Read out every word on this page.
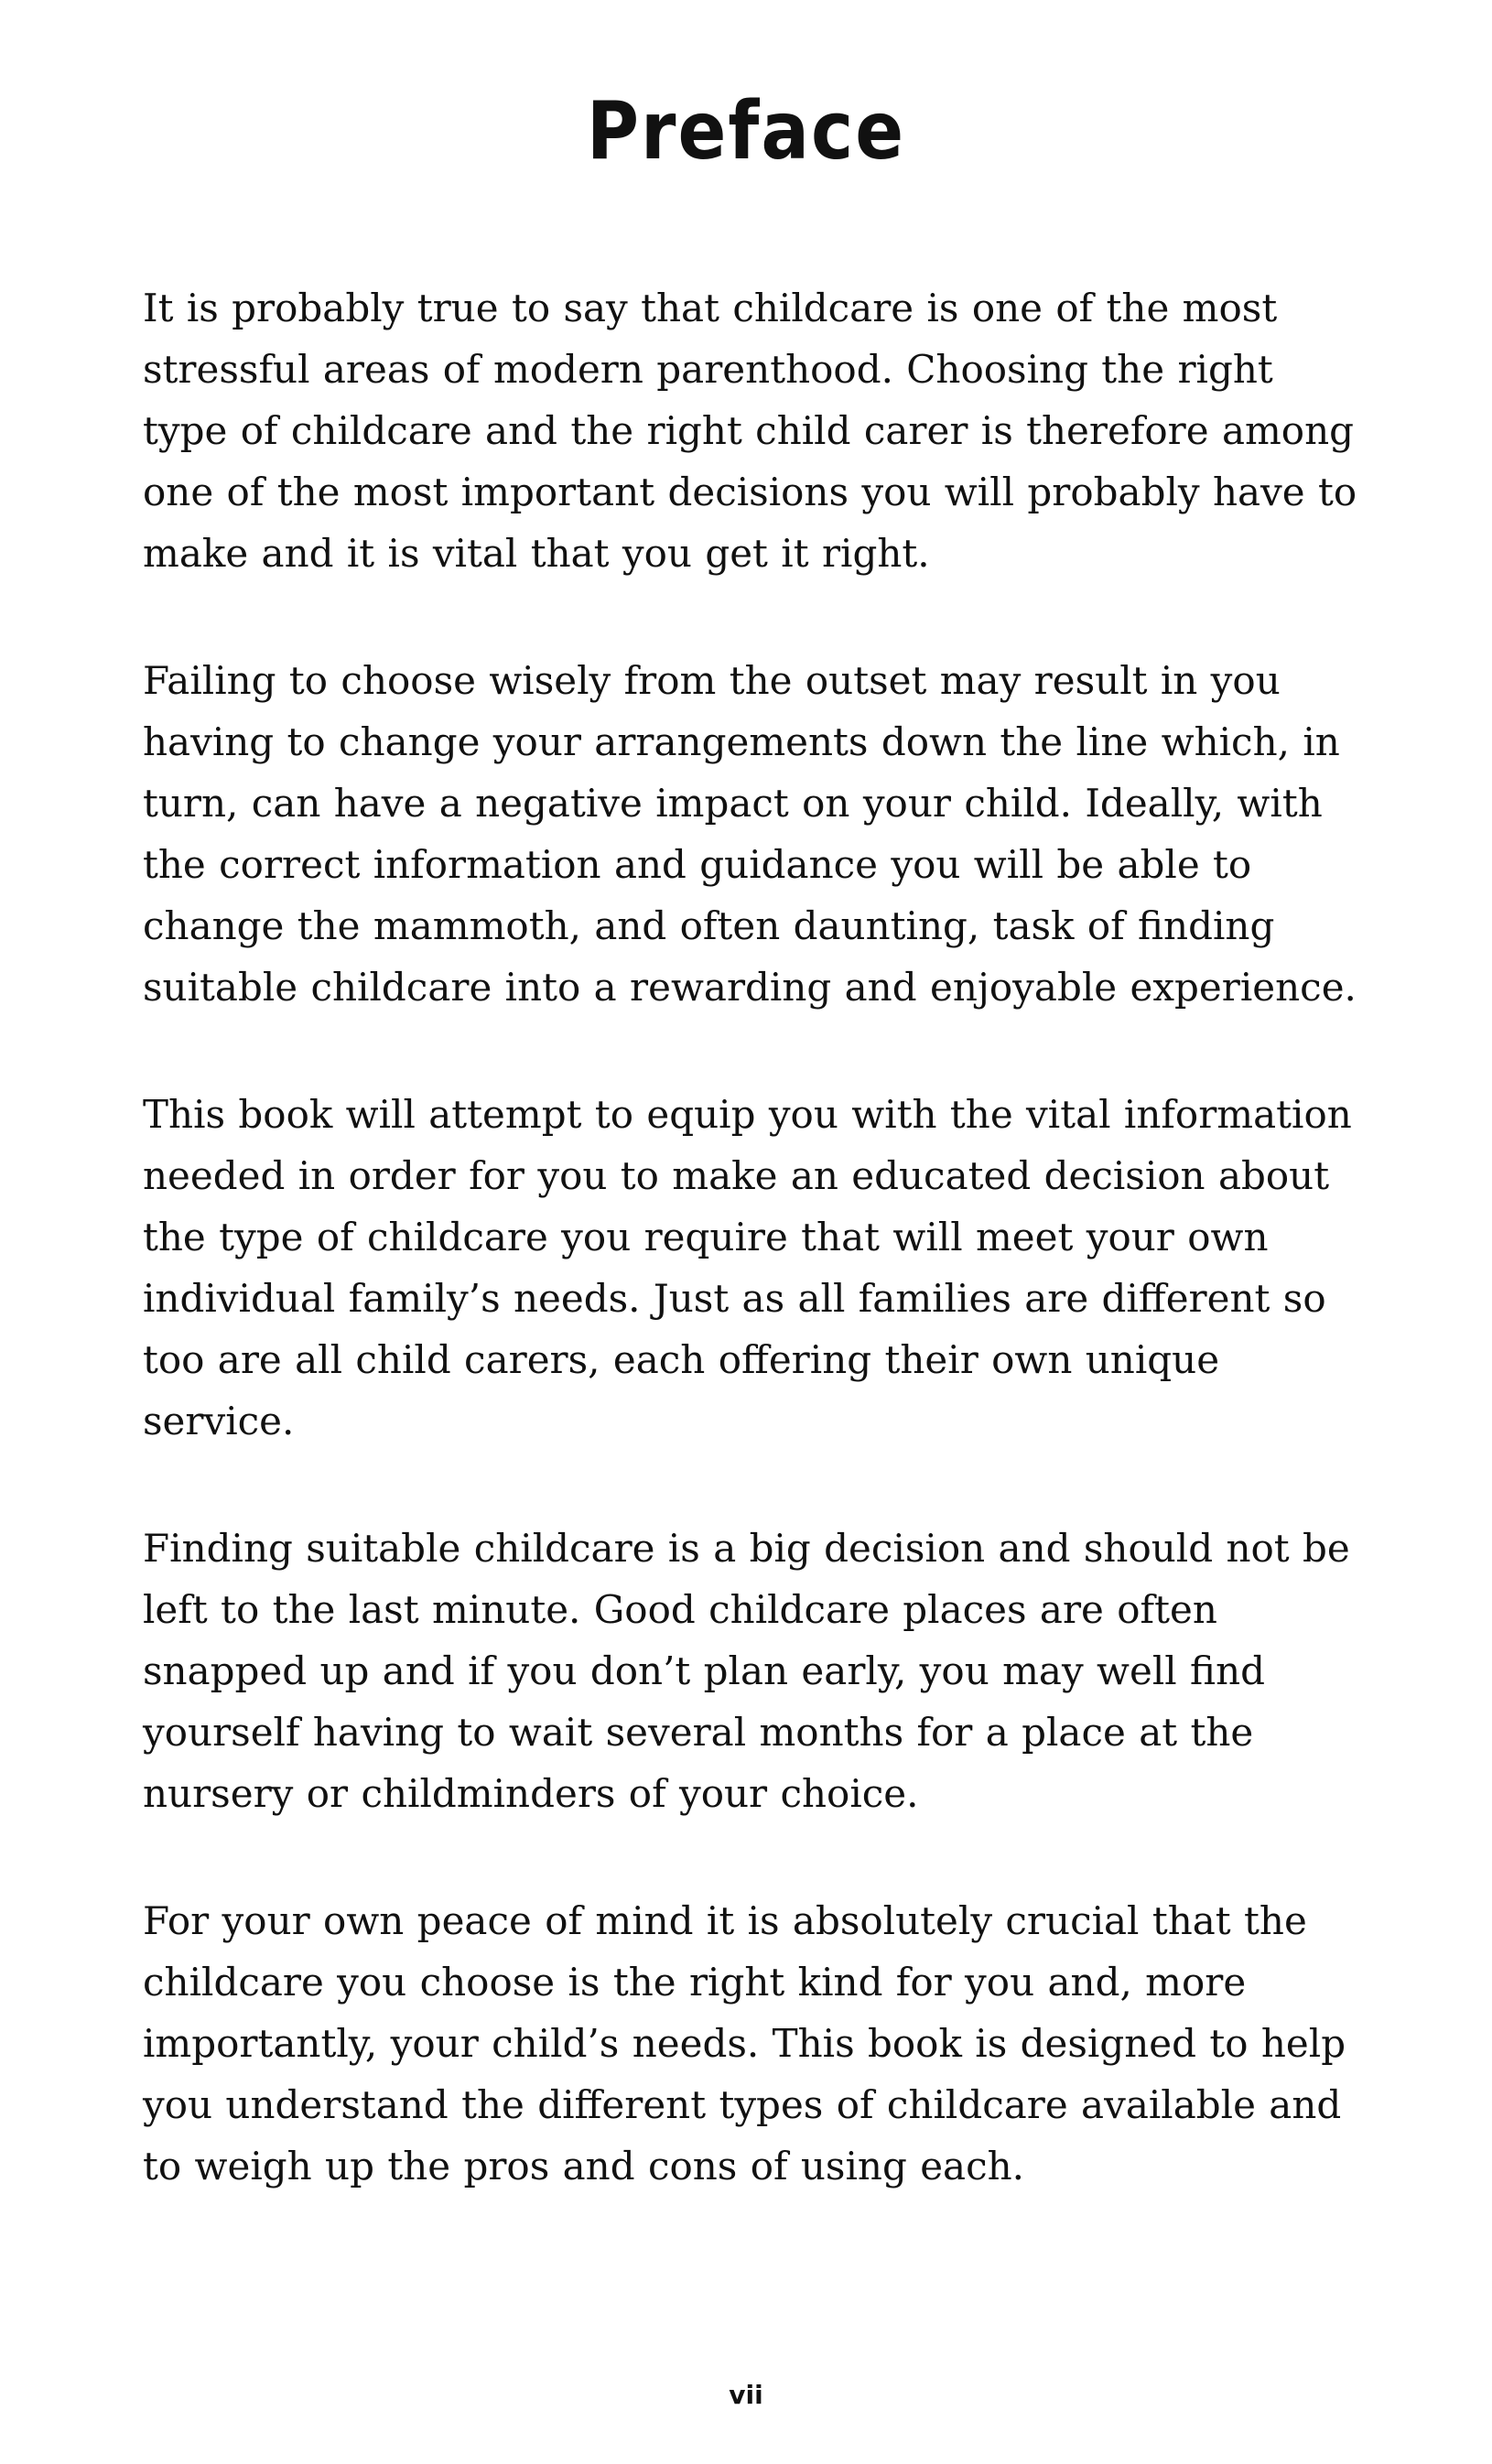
Preface

It is probably true to say that childcare is one of the most stressful areas of modern parenthood. Choosing the right type of childcare and the right child carer is therefore among one of the most important decisions you will probably have to make and it is vital that you get it right.

Failing to choose wisely from the outset may result in you having to change your arrangements down the line which, in turn, can have a negative impact on your child. Ideally, with the correct information and guidance you will be able to change the mammoth, and often daunting, task of finding suitable childcare into a rewarding and enjoyable experience.

This book will attempt to equip you with the vital information needed in order for you to make an educated decision about the type of childcare you require that will meet your own individual family’s needs. Just as all families are different so too are all child carers, each offering their own unique service.

Finding suitable childcare is a big decision and should not be left to the last minute. Good childcare places are often snapped up and if you don’t plan early, you may well find yourself having to wait several months for a place at the nursery or childminders of your choice.

For your own peace of mind it is absolutely crucial that the childcare you choose is the right kind for you and, more importantly, your child’s needs. This book is designed to help you understand the different types of childcare available and to weigh up the pros and cons of using each.

vii
